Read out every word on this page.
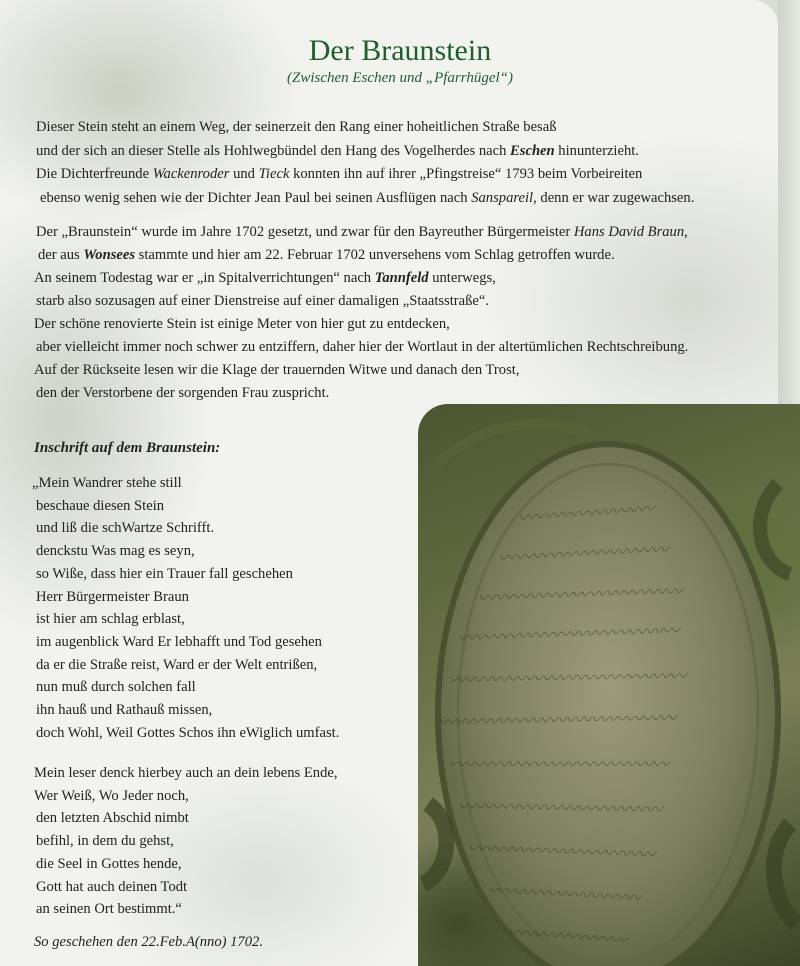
Der Braunstein
(Zwischen Eschen und „Pfarrhügel“)
Dieser Stein steht an einem Weg, der seinerzeit den Rang einer hoheitlichen Straße besaß
und der sich an dieser Stelle als Hohlwegbündel den Hang des Vogelherdes nach Eschen hinunterzieht.
Die Dichterfreunde Wackenroder und Tieck konnten ihn auf ihrer „Pfingstreise“ 1793 beim Vorbeireiten
ebenso wenig sehen wie der Dichter Jean Paul bei seinen Ausflügen nach Sanspareil, denn er war zugewachsen.
Der „Braunstein“ wurde im Jahre 1702 gesetzt, und zwar für den Bayreuther Bürgermeister Hans David Braun,
der aus Wonsees stammte und hier am 22. Februar 1702 unversehens vom Schlag getroffen wurde.
An seinem Todestag war er „in Spitalverrichtungen“ nach Tannfeld unterwegs,
starb also sozusagen auf einer Dienstreise auf einer damaligen „Staatsstraße“.
Der schöne renovierte Stein ist einige Meter von hier gut zu entdecken,
aber vielleicht immer noch schwer zu entziffern, daher hier der Wortlaut in der altertümlichen Rechtschreibung.
Auf der Rückseite lesen wir die Klage der trauernden Witwe und danach den Trost,
den der Verstorbene der sorgenden Frau zuspricht.
Inschrift auf dem Braunstein:
„Mein Wandrer stehe still
beschaue diesen Stein
und liß die schWartze Schrifft.
denckstu Was mag es seyn,
so Wiße, dass hier ein Trauer fall geschehen
Herr Bürgermeister Braun
ist hier am schlag erblast,
im augenblick Ward Er lebhafft und Tod gesehen
da er die Straße reist, Ward er der Welt entrißen,
nun muß durch solchen fall
ihn hauß und Rathauß missen,
doch Wohl, Weil Gottes Schos ihn eWiglich umfast.
Mein leser denck hierbey auch an dein lebens Ende,
Wer Weiß, Wo Jeder noch,
den letzten Abschid nimbt
befihl, in dem du gehst,
die Seel in Gottes hende,
Gott hat auch deinen Todt
an seinen Ort bestimmt.“
So geschehen den 22.Feb.A(nno) 1702.
〰〰〰〰〰〰〰〰
〰〰〰〰〰〰〰〰〰〰
〰〰〰〰〰〰〰〰〰〰〰〰
〰〰〰〰〰〰〰〰〰〰〰〰〰
〰〰〰〰〰〰〰〰〰〰〰〰〰〰
〰〰〰〰〰〰〰〰〰〰〰〰〰〰
〰〰〰〰〰〰〰〰〰〰〰〰〰
〰〰〰〰〰〰〰〰〰〰〰〰
〰〰〰〰〰〰〰〰〰〰〰
〰〰〰〰〰〰〰〰〰
〰〰〰〰〰〰〰
